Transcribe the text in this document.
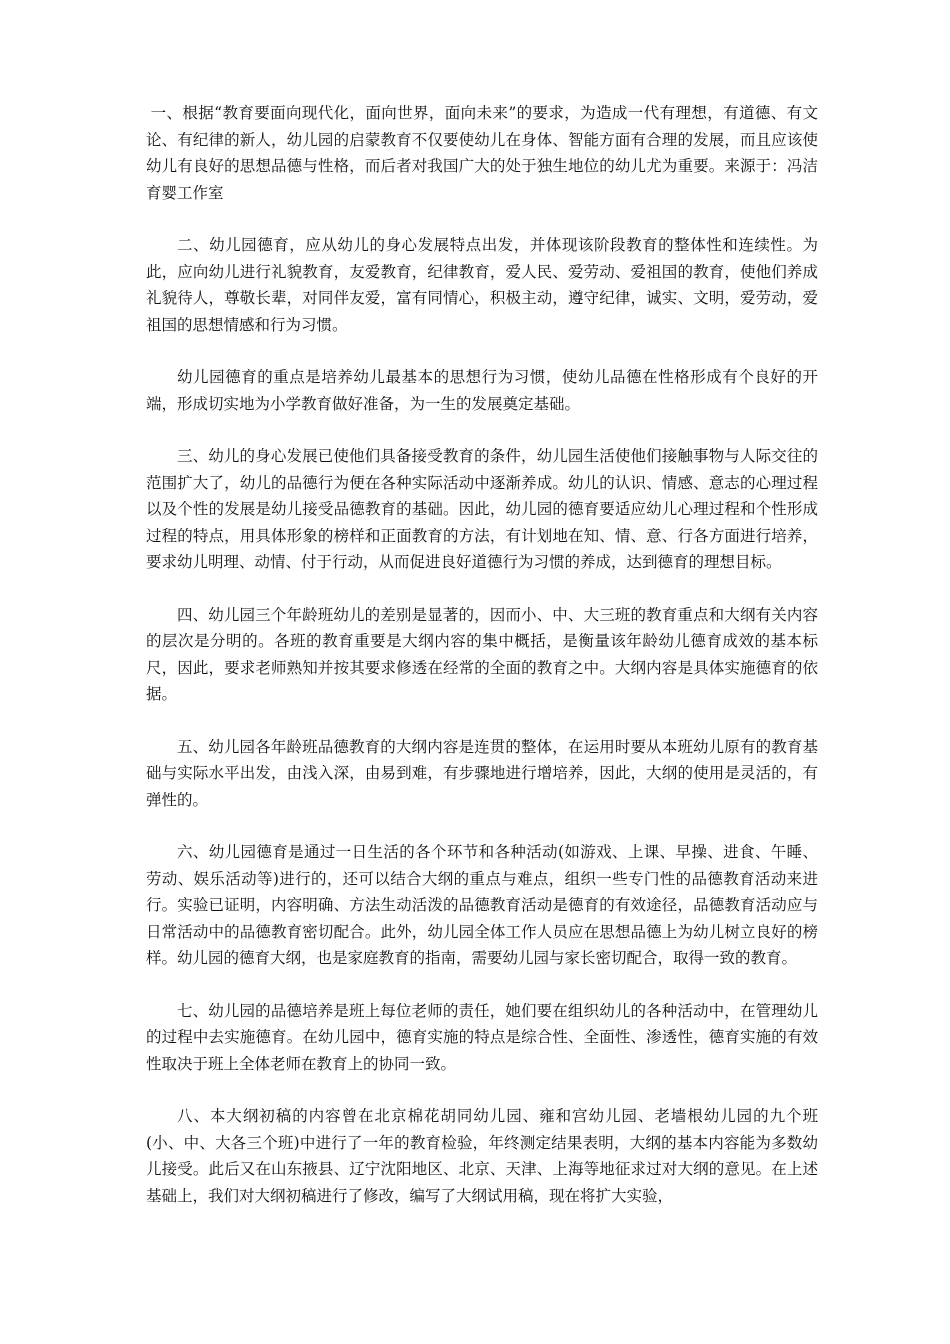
一、根据“教育要面向现代化，面向世界，面向未来”的要求，为造成一代有理想，有道德、有文论、有纪律的新人，幼儿园的启蒙教育不仅要使幼儿在身体、智能方面有合理的发展，而且应该使幼儿有良好的思想品德与性格，而后者对我国广大的处于独生地位的幼儿尤为重要。来源于：冯洁育婴工作室

二、幼儿园德育，应从幼儿的身心发展特点出发，并体现该阶段教育的整体性和连续性。为此，应向幼儿进行礼貌教育，友爱教育，纪律教育，爱人民、爱劳动、爱祖国的教育，使他们养成礼貌待人，尊敬长辈，对同伴友爱，富有同情心，积极主动，遵守纪律，诚实、文明，爱劳动，爱祖国的思想情感和行为习惯。

幼儿园德育的重点是培养幼儿最基本的思想行为习惯，使幼儿品德在性格形成有个良好的开端，形成切实地为小学教育做好准备，为一生的发展奠定基础。

三、幼儿的身心发展已使他们具备接受教育的条件，幼儿园生活使他们接触事物与人际交往的范围扩大了，幼儿的品德行为便在各种实际活动中逐渐养成。幼儿的认识、情感、意志的心理过程以及个性的发展是幼儿接受品德教育的基础。因此，幼儿园的德育要适应幼儿心理过程和个性形成过程的特点，用具体形象的榜样和正面教育的方法，有计划地在知、情、意、行各方面进行培养，要求幼儿明理、动情、付于行动，从而促进良好道德行为习惯的养成，达到德育的理想目标。

四、幼儿园三个年龄班幼儿的差别是显著的，因而小、中、大三班的教育重点和大纲有关内容的层次是分明的。各班的教育重要是大纲内容的集中概括，是衡量该年龄幼儿德育成效的基本标尺，因此，要求老师熟知并按其要求修透在经常的全面的教育之中。大纲内容是具体实施德育的依据。

五、幼儿园各年龄班品德教育的大纲内容是连贯的整体，在运用时要从本班幼儿原有的教育基础与实际水平出发，由浅入深，由易到难，有步骤地进行增培养，因此，大纲的使用是灵活的，有弹性的。

六、幼儿园德育是通过一日生活的各个环节和各种活动(如游戏、上课、早操、进食、午睡、劳动、娱乐活动等)进行的，还可以结合大纲的重点与难点，组织一些专门性的品德教育活动来进行。实验已证明，内容明确、方法生动活泼的品德教育活动是德育的有效途径，品德教育活动应与日常活动中的品德教育密切配合。此外，幼儿园全体工作人员应在思想品德上为幼儿树立良好的榜样。幼儿园的德育大纲，也是家庭教育的指南，需要幼儿园与家长密切配合，取得一致的教育。

七、幼儿园的品德培养是班上每位老师的责任，她们要在组织幼儿的各种活动中，在管理幼儿的过程中去实施德育。在幼儿园中，德育实施的特点是综合性、全面性、渗透性，德育实施的有效性取决于班上全体老师在教育上的协同一致。

八、本大纲初稿的内容曾在北京棉花胡同幼儿园、雍和宫幼儿园、老墙根幼儿园的九个班(小、中、大各三个班)中进行了一年的教育检验，年终测定结果表明，大纲的基本内容能为多数幼儿接受。此后又在山东掖县、辽宁沈阳地区、北京、天津、上海等地征求过对大纲的意见。在上述基础上，我们对大纲初稿进行了修改，编写了大纲试用稿，现在将扩大实验，
